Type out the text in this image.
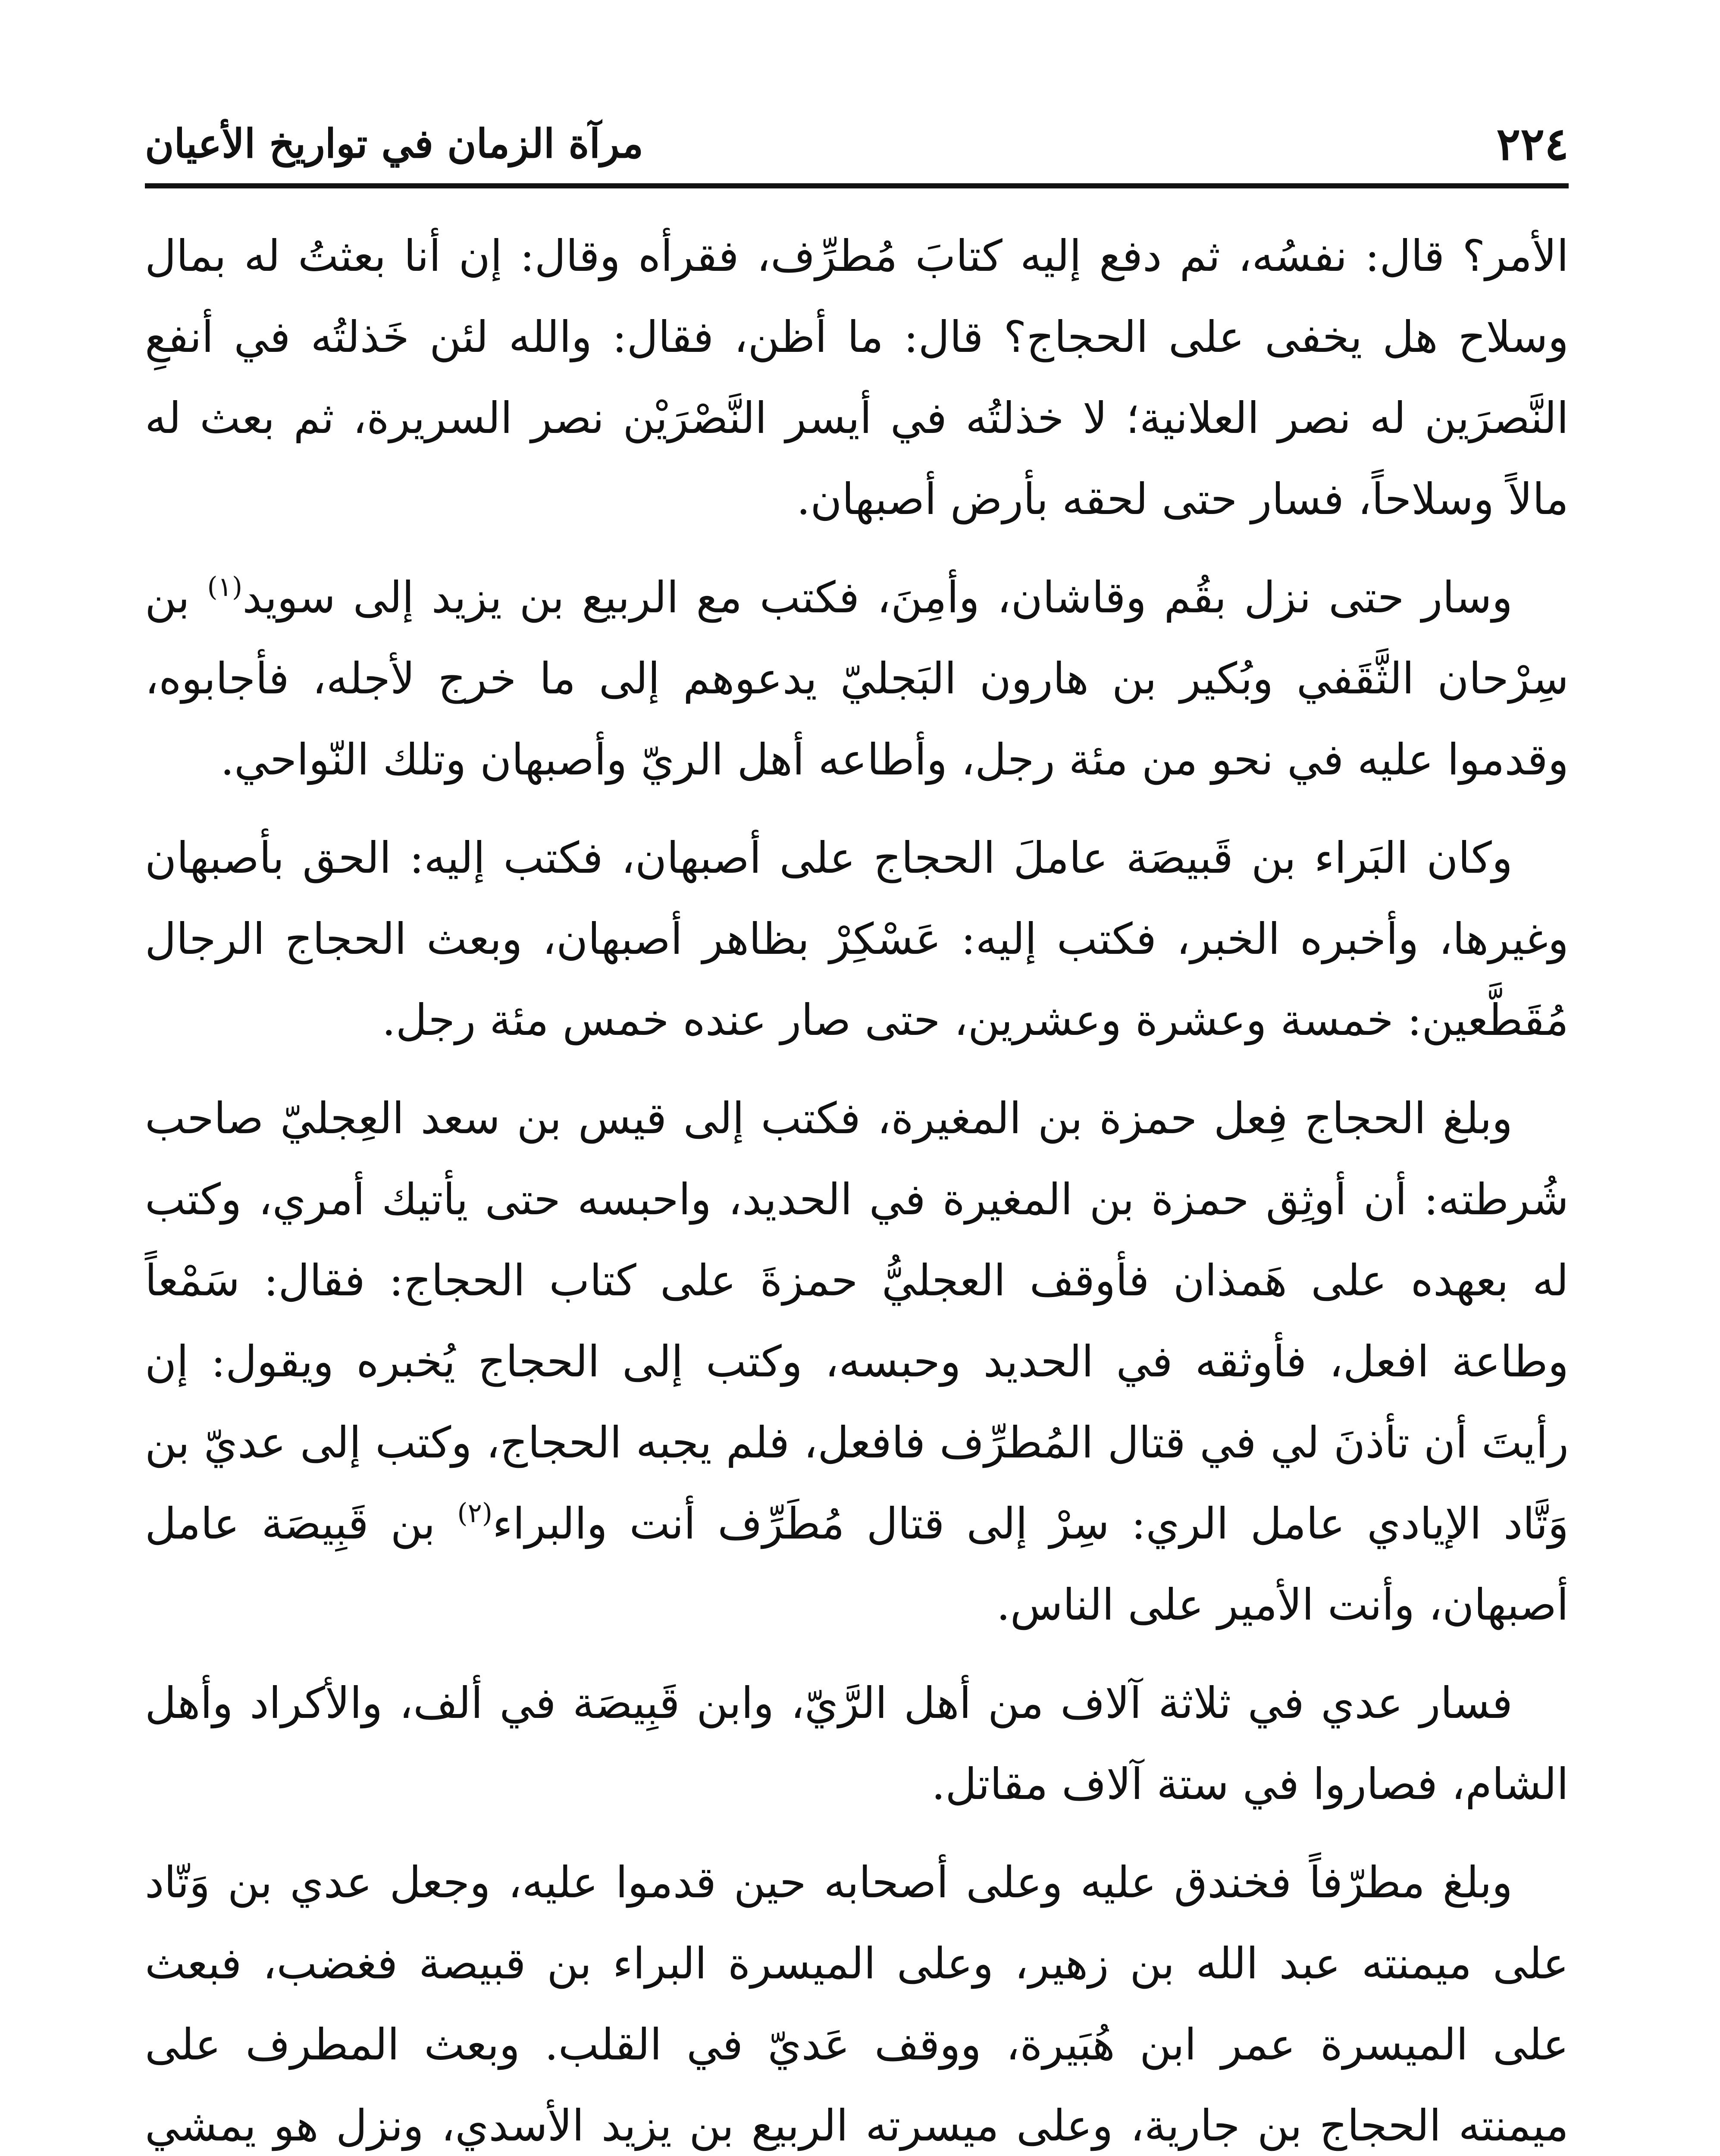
٢٢٤
مرآة الزمان في تواريخ الأعيان

الأمر؟ قال: نفسُه، ثم دفع إليه كتابَ مُطرِّف، فقرأه وقال: إن أنا بعثتُ له بمال وسلاح هل يخفى على الحجاج؟ قال: ما أظن، فقال: والله لئن خَذلتُه في أنفعِ النَّصرَين له نصر العلانية؛ لا خذلتُه في أيسر النَّصْرَيْن نصر السريرة، ثم بعث له مالاً وسلاحاً، فسار حتى لحقه بأرض أصبهان.

وسار حتى نزل بقُم وقاشان، وأمِنَ، فكتب مع الربيع بن يزيد إلى سويد$^{(١)}$ بن سِرْحان الثَّقَفي وبُكير بن هارون البَجليّ يدعوهم إلى ما خرج لأجله، فأجابوه، وقدموا عليه في نحو من مئة رجل، وأطاعه أهل الريّ وأصبهان وتلك النّواحي.

وكان البَراء بن قَبيصَة عاملَ الحجاج على أصبهان، فكتب إليه: الحق بأصبهان وغيرها، وأخبره الخبر، فكتب إليه: عَسْكِرْ بظاهر أصبهان، وبعث الحجاج الرجال مُقَطَّعين: خمسة وعشرة وعشرين، حتى صار عنده خمس مئة رجل.

وبلغ الحجاج فِعل حمزة بن المغيرة، فكتب إلى قيس بن سعد العِجليّ صاحب شُرطته: أن أوثِق حمزة بن المغيرة في الحديد، واحبسه حتى يأتيك أمري، وكتب له بعهده على هَمذان فأوقف العجليُّ حمزةَ على كتاب الحجاج: فقال: سَمْعاً وطاعة افعل، فأوثقه في الحديد وحبسه، وكتب إلى الحجاج يُخبره ويقول: إن رأيتَ أن تأذنَ لي في قتال المُطرِّف فافعل، فلم يجبه الحجاج، وكتب إلى عديّ بن وَتَّاد الإيادي عامل الري: سِرْ إلى قتال مُطَرِّف أنت والبراء$^{(٢)}$ بن قَبِيصَة عامل أصبهان، وأنت الأمير على الناس.

فسار عدي في ثلاثة آلاف من أهل الرَّيّ، وابن قَبِيصَة في ألف، والأكراد وأهل الشام، فصاروا في ستة آلاف مقاتل.

وبلغ مطرّفاً فخندق عليه وعلى أصحابه حين قدموا عليه، وجعل عدي بن وَتّاد على ميمنته عبد الله بن زهير، وعلى الميسرة البراء بن قبيصة فغضب، فبعث على الميسرة عمر ابن هُبَيرة، ووقف عَديّ في القلب. وبعث المطرف على ميمنته الحجاج بن جارية، وعلى ميسرته الربيع بن يزيد الأسدي، ونزل هو يمشي
